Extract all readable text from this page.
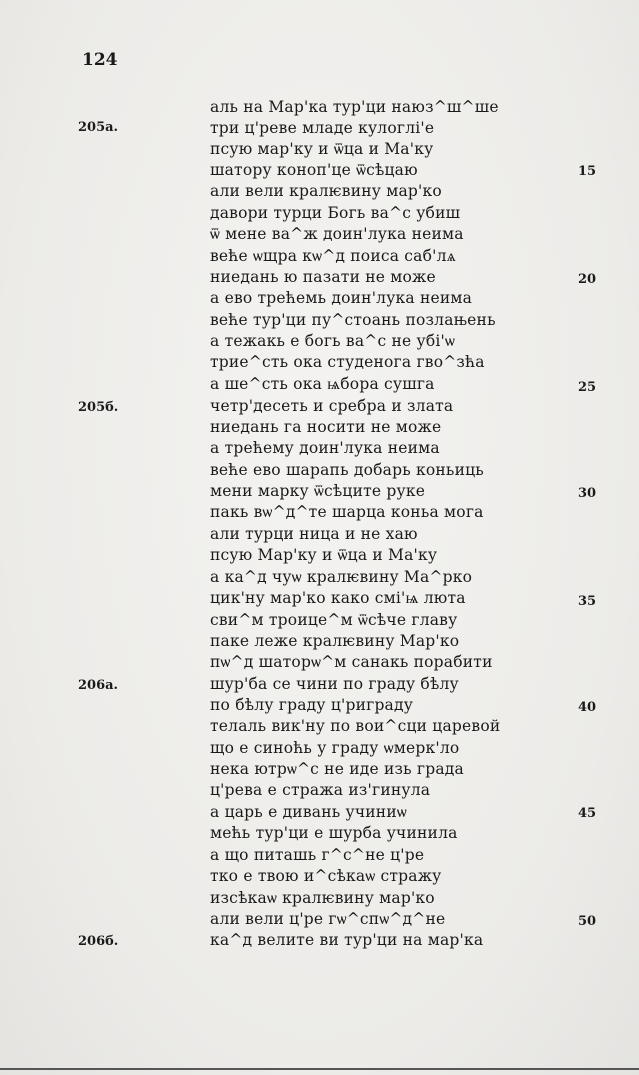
124
205а.
205б.
206а.
206б.
15
20
25
30
35
40
45
50
аль на Мар'ка тур'ци наюз^ш^ше
три ц'реве младе кулоглі'е
псую мар'ку и ѿца и Ма'ку
шатору коноп'це ѿсѣцаю
али вели кралѥвину мар'ко
давори турци Богь ва^с убиш
ѿ мене ва^ж доин'лука неима
веће ѡщра кѡ^д поиса саб'лѧ
ниедань ю пазати не може
а ево трећемь доин'лука неима
веће тур'ци пу^стоань позлањень
а тежакь е богь ва^с не убі'ѡ
трие^сть ока студенога гво^зћа
а ше^сть ока ѩбора сушга
четр'десеть и сребра и злата
ниедань га носити не може
а трећему доин'лука неима
веће ево шарапь добарь коньиць
мени марку ѿсѣците руке
пакь вѡ^д^те шарца коньа мога
али турци ница и не хаю
псую Мар'ку и ѿца и Ма'ку
а ка^д чуѡ кралѥвину Ма^рко
цик'ну мар'ко како смі'ѩ люта
сви^м троице^м ѿсѣче главу
паке леже кралѥвину Мар'ко
пѡ^д шаторѡ^м санакь порабити
шур'ба се чини по граду бѣлу
по бѣлу граду ц'риграду
телаль вик'ну по вои^сци царевой
що е синоћь у граду ѡмерк'ло
нека ютрѡ^с не иде изь града
ц'рева е стража из'гинула
а царь е дивань учиниѡ
мећь тур'ци е шурба учинила
а що питашь г^с^не ц'ре
тко е твою и^сѣкаѡ стражу
изсѣкаѡ кралѥвину мар'ко
али вели ц'ре гѡ^спѡ^д^не
ка^д велите ви тур'ци на мар'ка
